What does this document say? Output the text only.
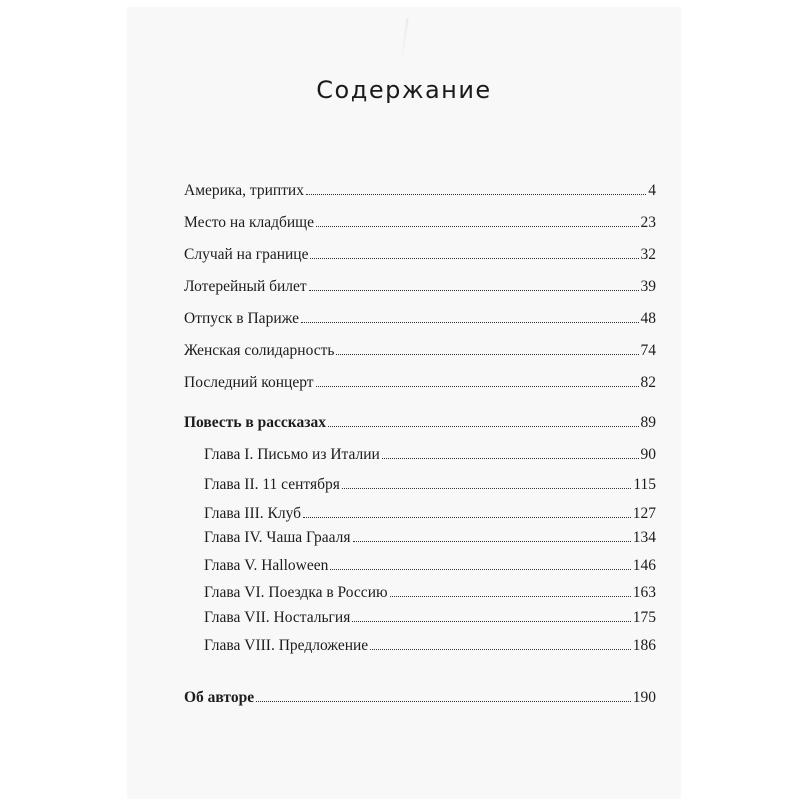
Содержание
Америка, триптих	4
Место на кладбище	23
Случай на границе	32
Лотерейный билет	39
Отпуск в Париже	48
Женская солидарность	74
Последний концерт	82
Повесть в рассказах	89
Глава I. Письмо из Италии	90
Глава II. 11 сентября	115
Глава III. Клуб	127
Глава IV. Чаша Грааля	134
Глава V. Halloween	146
Глава VI. Поездка в Россию	163
Глава VII. Ностальгия	175
Глава VIII. Предложение	186
Об авторе	190
